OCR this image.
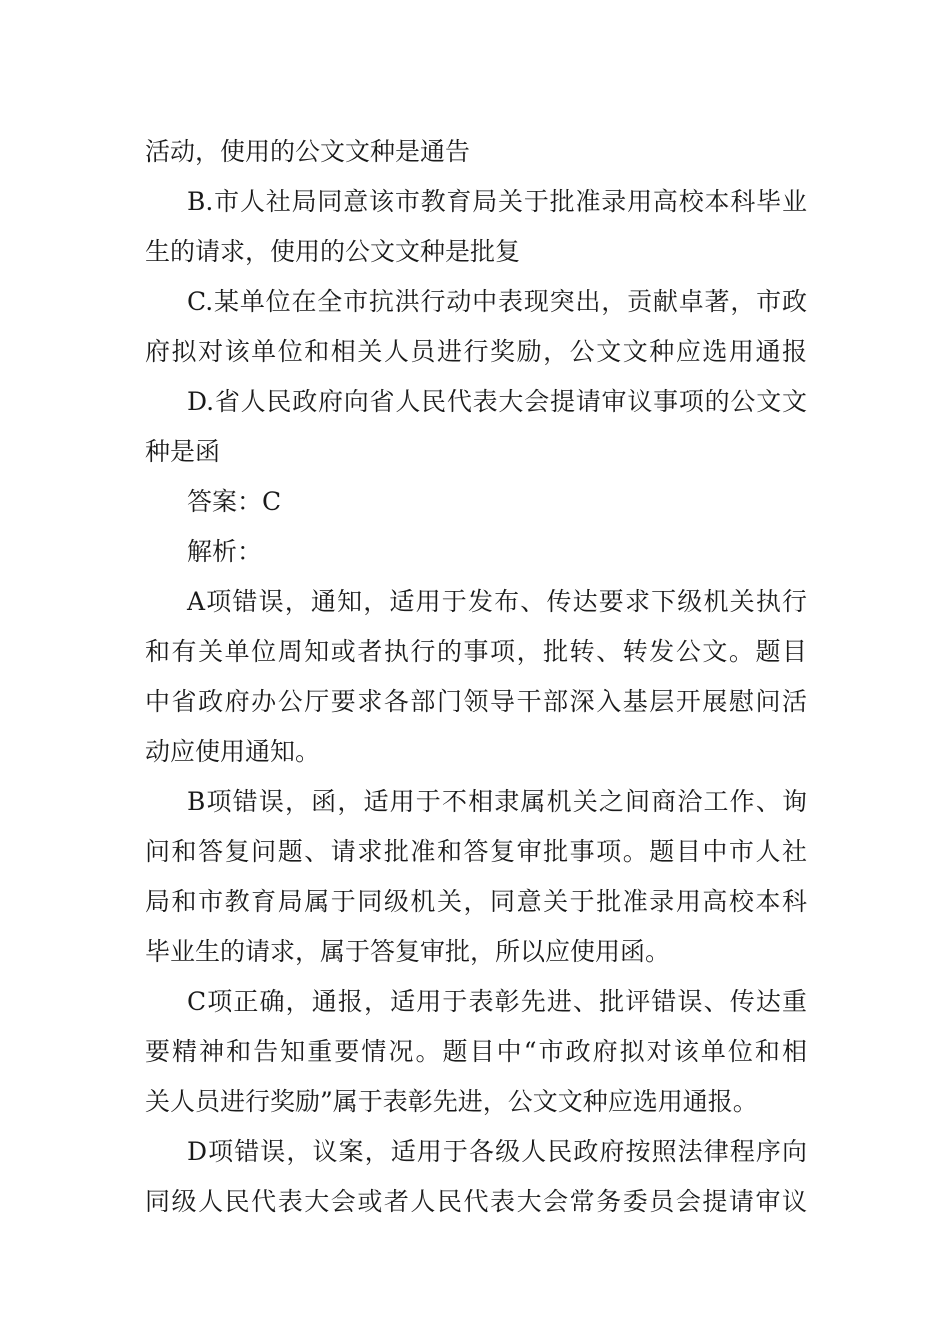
活动，使用的公文文种是通告
B.市人社局同意该市教育局关于批准录用高校本科毕业
生的请求，使用的公文文种是批复
C.某单位在全市抗洪行动中表现突出，贡献卓著，市政
府拟对该单位和相关人员进行奖励，公文文种应选用通报
D.省人民政府向省人民代表大会提请审议事项的公文文
种是函
答案：C
解析：
A项错误，通知，适用于发布、传达要求下级机关执行
和有关单位周知或者执行的事项，批转、转发公文。题目
中省政府办公厅要求各部门领导干部深入基层开展慰问活
动应使用通知。
B项错误，函，适用于不相隶属机关之间商洽工作、询
问和答复问题、请求批准和答复审批事项。题目中市人社
局和市教育局属于同级机关，同意关于批准录用高校本科
毕业生的请求，属于答复审批，所以应使用函。
C项正确，通报，适用于表彰先进、批评错误、传达重
要精神和告知重要情况。题目中“市政府拟对该单位和相
关人员进行奖励”属于表彰先进，公文文种应选用通报。
D项错误，议案，适用于各级人民政府按照法律程序向
同级人民代表大会或者人民代表大会常务委员会提请审议
